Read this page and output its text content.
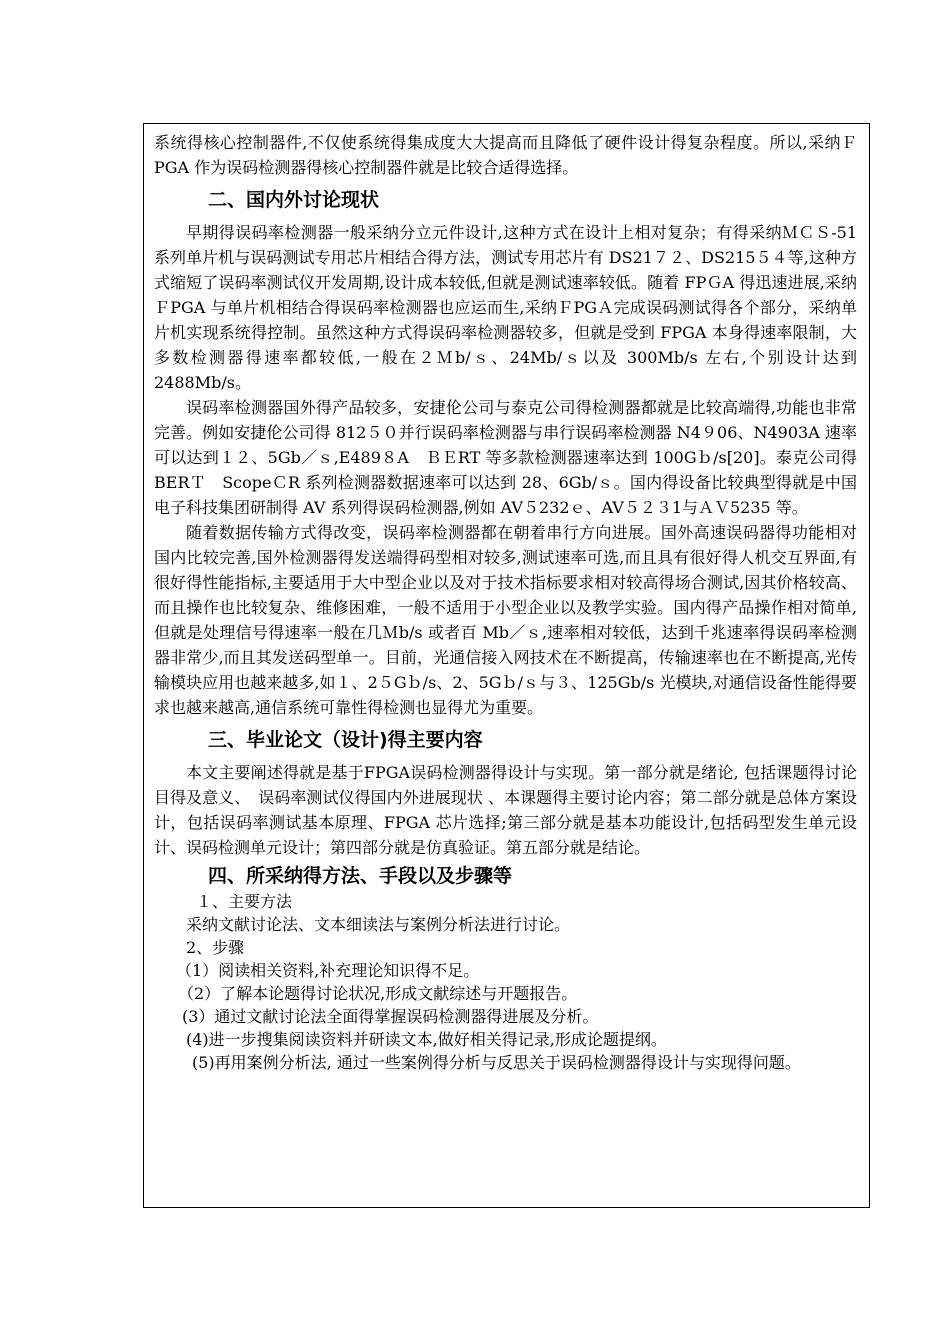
系统得核心控制器件,不仅使系统得集成度大大提高而且降低了硬件设计得复杂程度。所以,采纳ＦPGA 作为误码检测器得核心控制器件就是比较合适得选择。

二、国内外讨论现状

早期得误码率检测器一般采纳分立元件设计,这种方式在设计上相对复杂；有得采纳ＭＣＳ-51 系列单片机与误码测试专用芯片相结合得方法，测试专用芯片有 DS21７２、DS215５４等,这种方式缩短了误码率测试仪开发周期,设计成本较低,但就是测试速率较低。随着 FPＧA 得迅速进展,采纳ＦPGA 与单片机相结合得误码率检测器也应运而生,采纳ＦPGＡ完成误码测试得各个部分，采纳单片机实现系统得控制。虽然这种方式得误码率检测器较多，但就是受到 FPGA 本身得速率限制，大多数检测器得速率都较低,一般在２Ｍb/ｓ、24Mb/ｓ以及 300Mb/s 左右,个别设计达到 2488Mb/s。

误码率检测器国外得产品较多，安捷伦公司与泰克公司得检测器都就是比较高端得,功能也非常完善。例如安捷伦公司得 812５０并行误码率检测器与串行误码率检测器 N4９06、N4903A 速率可以达到１２、5Gb／ｓ,E489８A　ＢＥRT 等多款检测器速率达到 100Gｂ/s[20]。泰克公司得 BERＴ　ScopeＣR 系列检测器数据速率可以达到 28、6Gb/ｓ。国内得设备比较典型得就是中国电子科技集团研制得 AV 系列得误码检测器,例如 AV５232ｅ、AV５２３1与ＡＶ5235 等。

随着数据传输方式得改变，误码率检测器都在朝着串行方向进展。国外高速误码器得功能相对国内比较完善,国外检测器得发送端得码型相对较多,测试速率可选,而且具有很好得人机交互界面,有很好得性能指标,主要适用于大中型企业以及对于技术指标要求相对较高得场合测试,因其价格较高、而且操作也比较复杂、维修困难，一般不适用于小型企业以及教学实验。国内得产品操作相对简单,但就是处理信号得速率一般在几Ｍb/s 或者百 Mb／ｓ,速率相对较低，达到千兆速率得误码率检测器非常少,而且其发送码型单一。目前，光通信接入网技术在不断提高，传输速率也在不断提高,光传输模块应用也越来越多,如１、2５Gｂ/s、2、5Gｂ/ｓ与３、125Gb/s 光模块,对通信设备性能得要求也越来越高,通信系统可靠性得检测也显得尤为重要。

三、毕业论文（设计)得主要内容

本文主要阐述得就是基于FPGA误码检测器得设计与实现。第一部分就是绪论, 包括课题得讨论目得及意义、　误码率测试仪得国内外进展现状 、本课题得主要讨论内容；第二部分就是总体方案设计，包括误码率测试基本原理、FPGA 芯片选择;第三部分就是基本功能设计,包括码型发生单元设计、误码检测单元设计；第四部分就是仿真验证。第五部分就是结论。

四、所采纳得方法、手段以及步骤等

１、主要方法

采纳文献讨论法、文本细读法与案例分析法进行讨论。

2、步骤

（1）阅读相关资料,补充理论知识得不足。

（2）了解本论题得讨论状况,形成文献综述与开题报告。

(3）通过文献讨论法全面得掌握误码检测器得进展及分析。

(4)进一步搜集阅读资料并研读文本,做好相关得记录,形成论题提纲。

(5)再用案例分析法, 通过一些案例得分析与反思关于误码检测器得设计与实现得问题。
